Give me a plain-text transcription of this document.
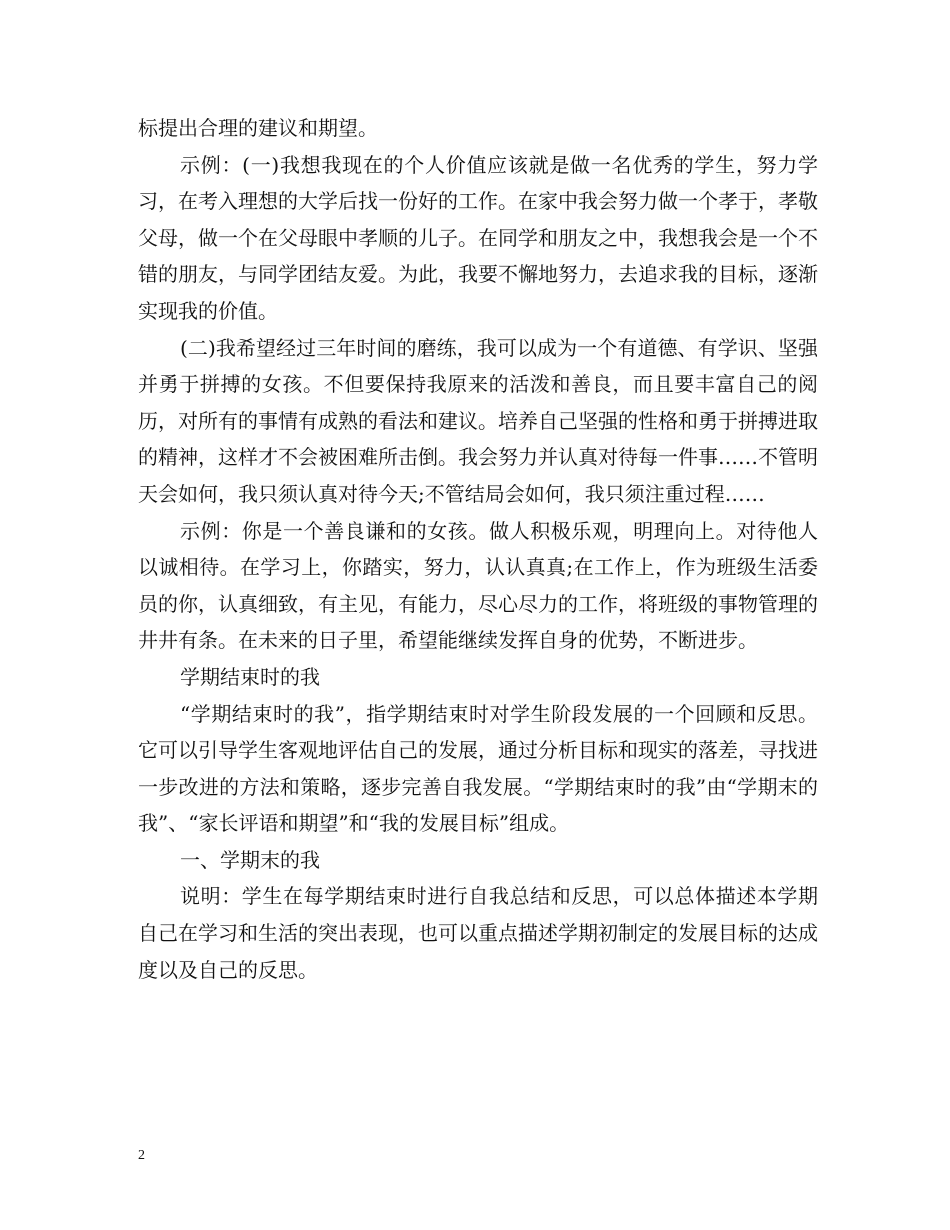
标提出合理的建议和期望。

示例：(一)我想我现在的个人价值应该就是做一名优秀的学生，努力学习，在考入理想的大学后找一份好的工作。在家中我会努力做一个孝于，孝敬父母，做一个在父母眼中孝顺的儿子。在同学和朋友之中，我想我会是一个不错的朋友，与同学团结友爱。为此，我要不懈地努力，去追求我的目标，逐渐实现我的价值。

(二)我希望经过三年时间的磨练，我可以成为一个有道德、有学识、坚强并勇于拼搏的女孩。不但要保持我原来的活泼和善良，而且要丰富自己的阅历，对所有的事情有成熟的看法和建议。培养自己坚强的性格和勇于拼搏进取的精神，这样才不会被困难所击倒。我会努力并认真对待每一件事……不管明天会如何，我只须认真对待今天;不管结局会如何，我只须注重过程……

示例：你是一个善良谦和的女孩。做人积极乐观，明理向上。对待他人以诚相待。在学习上，你踏实，努力，认认真真;在工作上，作为班级生活委员的你，认真细致，有主见，有能力，尽心尽力的工作，将班级的事物管理的井井有条。在未来的日子里，希望能继续发挥自身的优势，不断进步。

学期结束时的我

“学期结束时的我”，指学期结束时对学生阶段发展的一个回顾和反思。它可以引导学生客观地评估自己的发展，通过分析目标和现实的落差，寻找进一步改进的方法和策略，逐步完善自我发展。“学期结束时的我”由“学期末的我”、“家长评语和期望”和“我的发展目标”组成。

一、学期末的我

说明：学生在每学期结束时进行自我总结和反思，可以总体描述本学期自己在学习和生活的突出表现，也可以重点描述学期初制定的发展目标的达成度以及自己的反思。

2
